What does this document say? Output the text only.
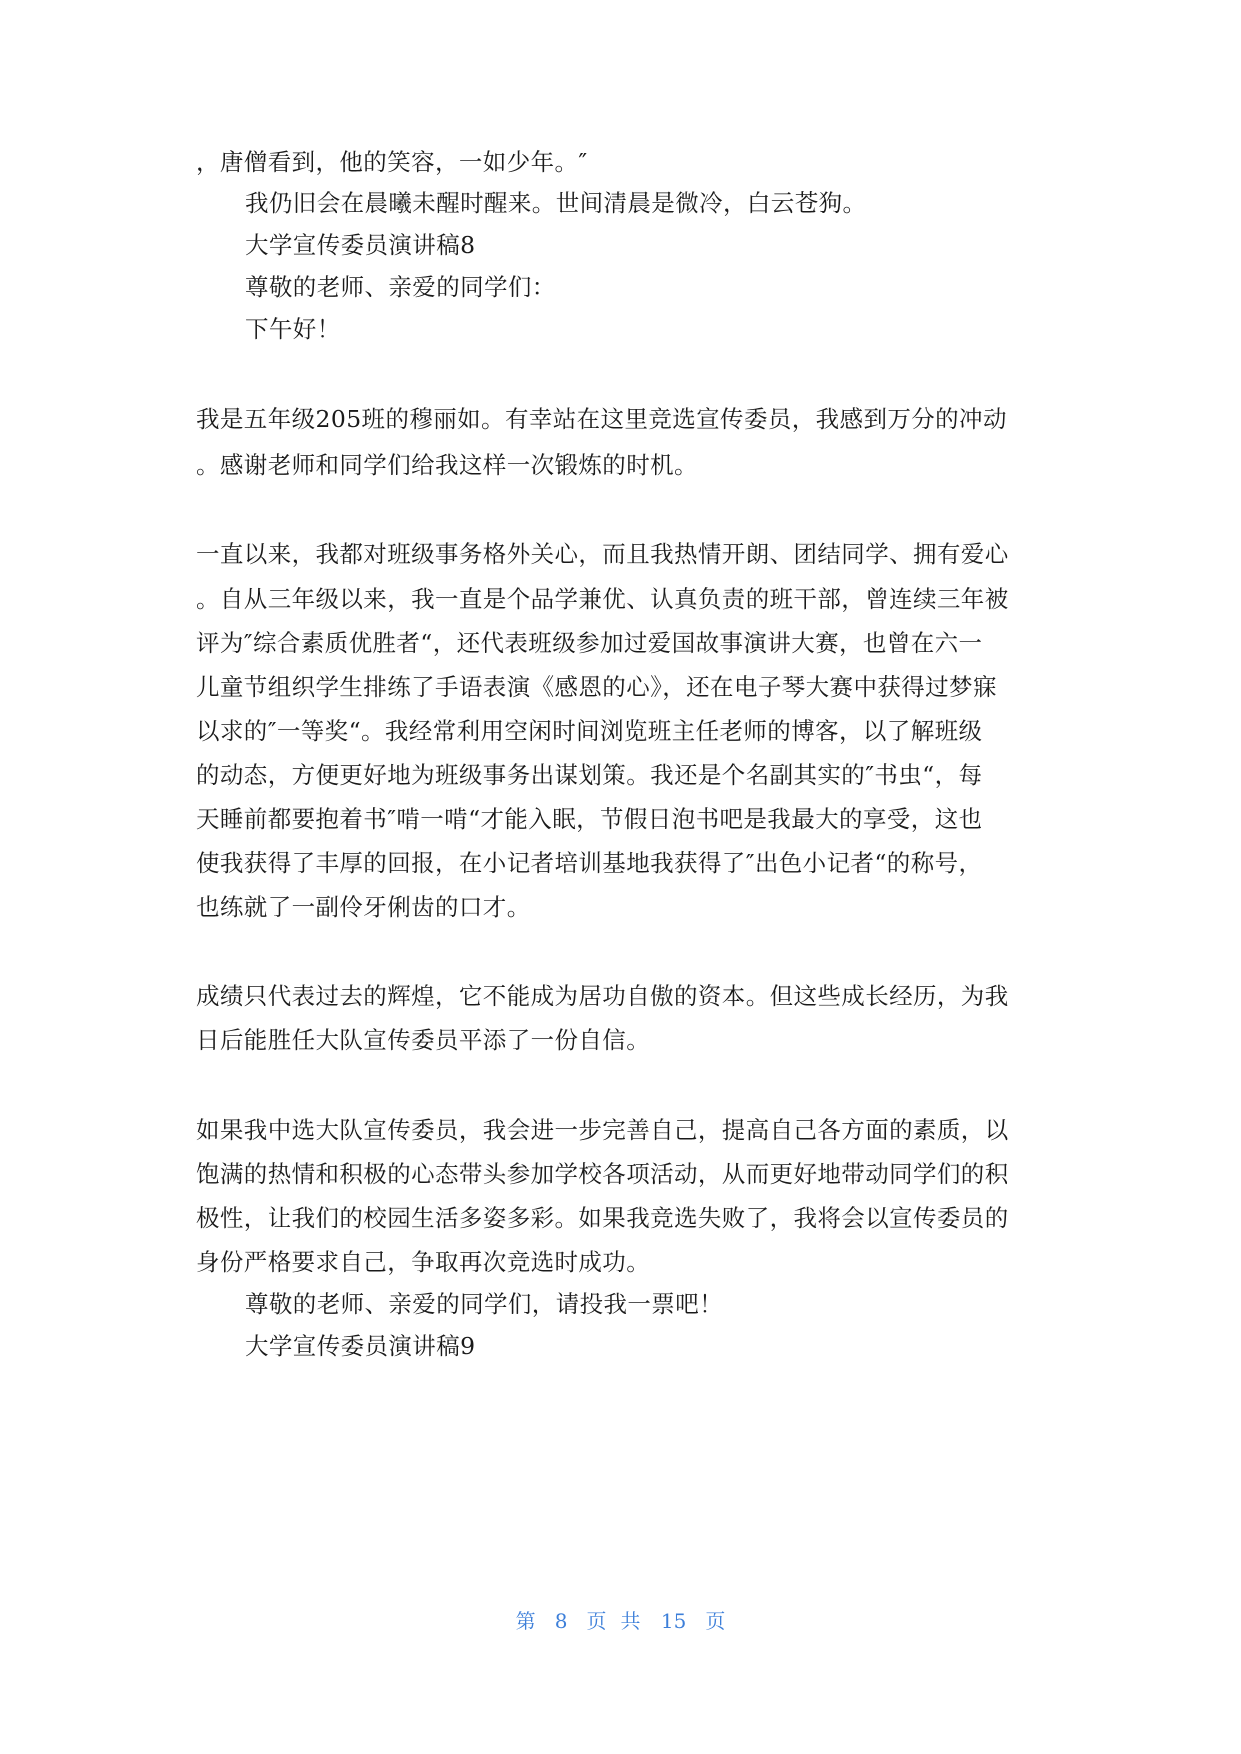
，唐僧看到，他的笑容，一如少年。″
我仍旧会在晨曦未醒时醒来。世间清晨是微冷，白云苍狗。
大学宣传委员演讲稿8
尊敬的老师、亲爱的同学们：
下午好！
我是五年级205班的穆丽如。有幸站在这里竞选宣传委员，我感到万分的冲动
。感谢老师和同学们给我这样一次锻炼的时机。
一直以来，我都对班级事务格外关心，而且我热情开朗、团结同学、拥有爱心
。自从三年级以来，我一直是个品学兼优、认真负责的班干部，曾连续三年被
评为″综合素质优胜者“，还代表班级参加过爱国故事演讲大赛，也曾在六一
儿童节组织学生排练了手语表演《感恩的心》，还在电子琴大赛中获得过梦寐
以求的″一等奖“。我经常利用空闲时间浏览班主任老师的博客，以了解班级
的动态，方便更好地为班级事务出谋划策。我还是个名副其实的″书虫“，每
天睡前都要抱着书″啃一啃“才能入眠，节假日泡书吧是我最大的享受，这也
使我获得了丰厚的回报，在小记者培训基地我获得了″出色小记者“的称号，
也练就了一副伶牙俐齿的口才。
成绩只代表过去的辉煌，它不能成为居功自傲的资本。但这些成长经历，为我
日后能胜任大队宣传委员平添了一份自信。
如果我中选大队宣传委员，我会进一步完善自己，提高自己各方面的素质，以
饱满的热情和积极的心态带头参加学校各项活动，从而更好地带动同学们的积
极性，让我们的校园生活多姿多彩。如果我竞选失败了，我将会以宣传委员的
身份严格要求自己，争取再次竞选时成功。
尊敬的老师、亲爱的同学们，请投我一票吧！
大学宣传委员演讲稿9
第 8 页共 15 页
